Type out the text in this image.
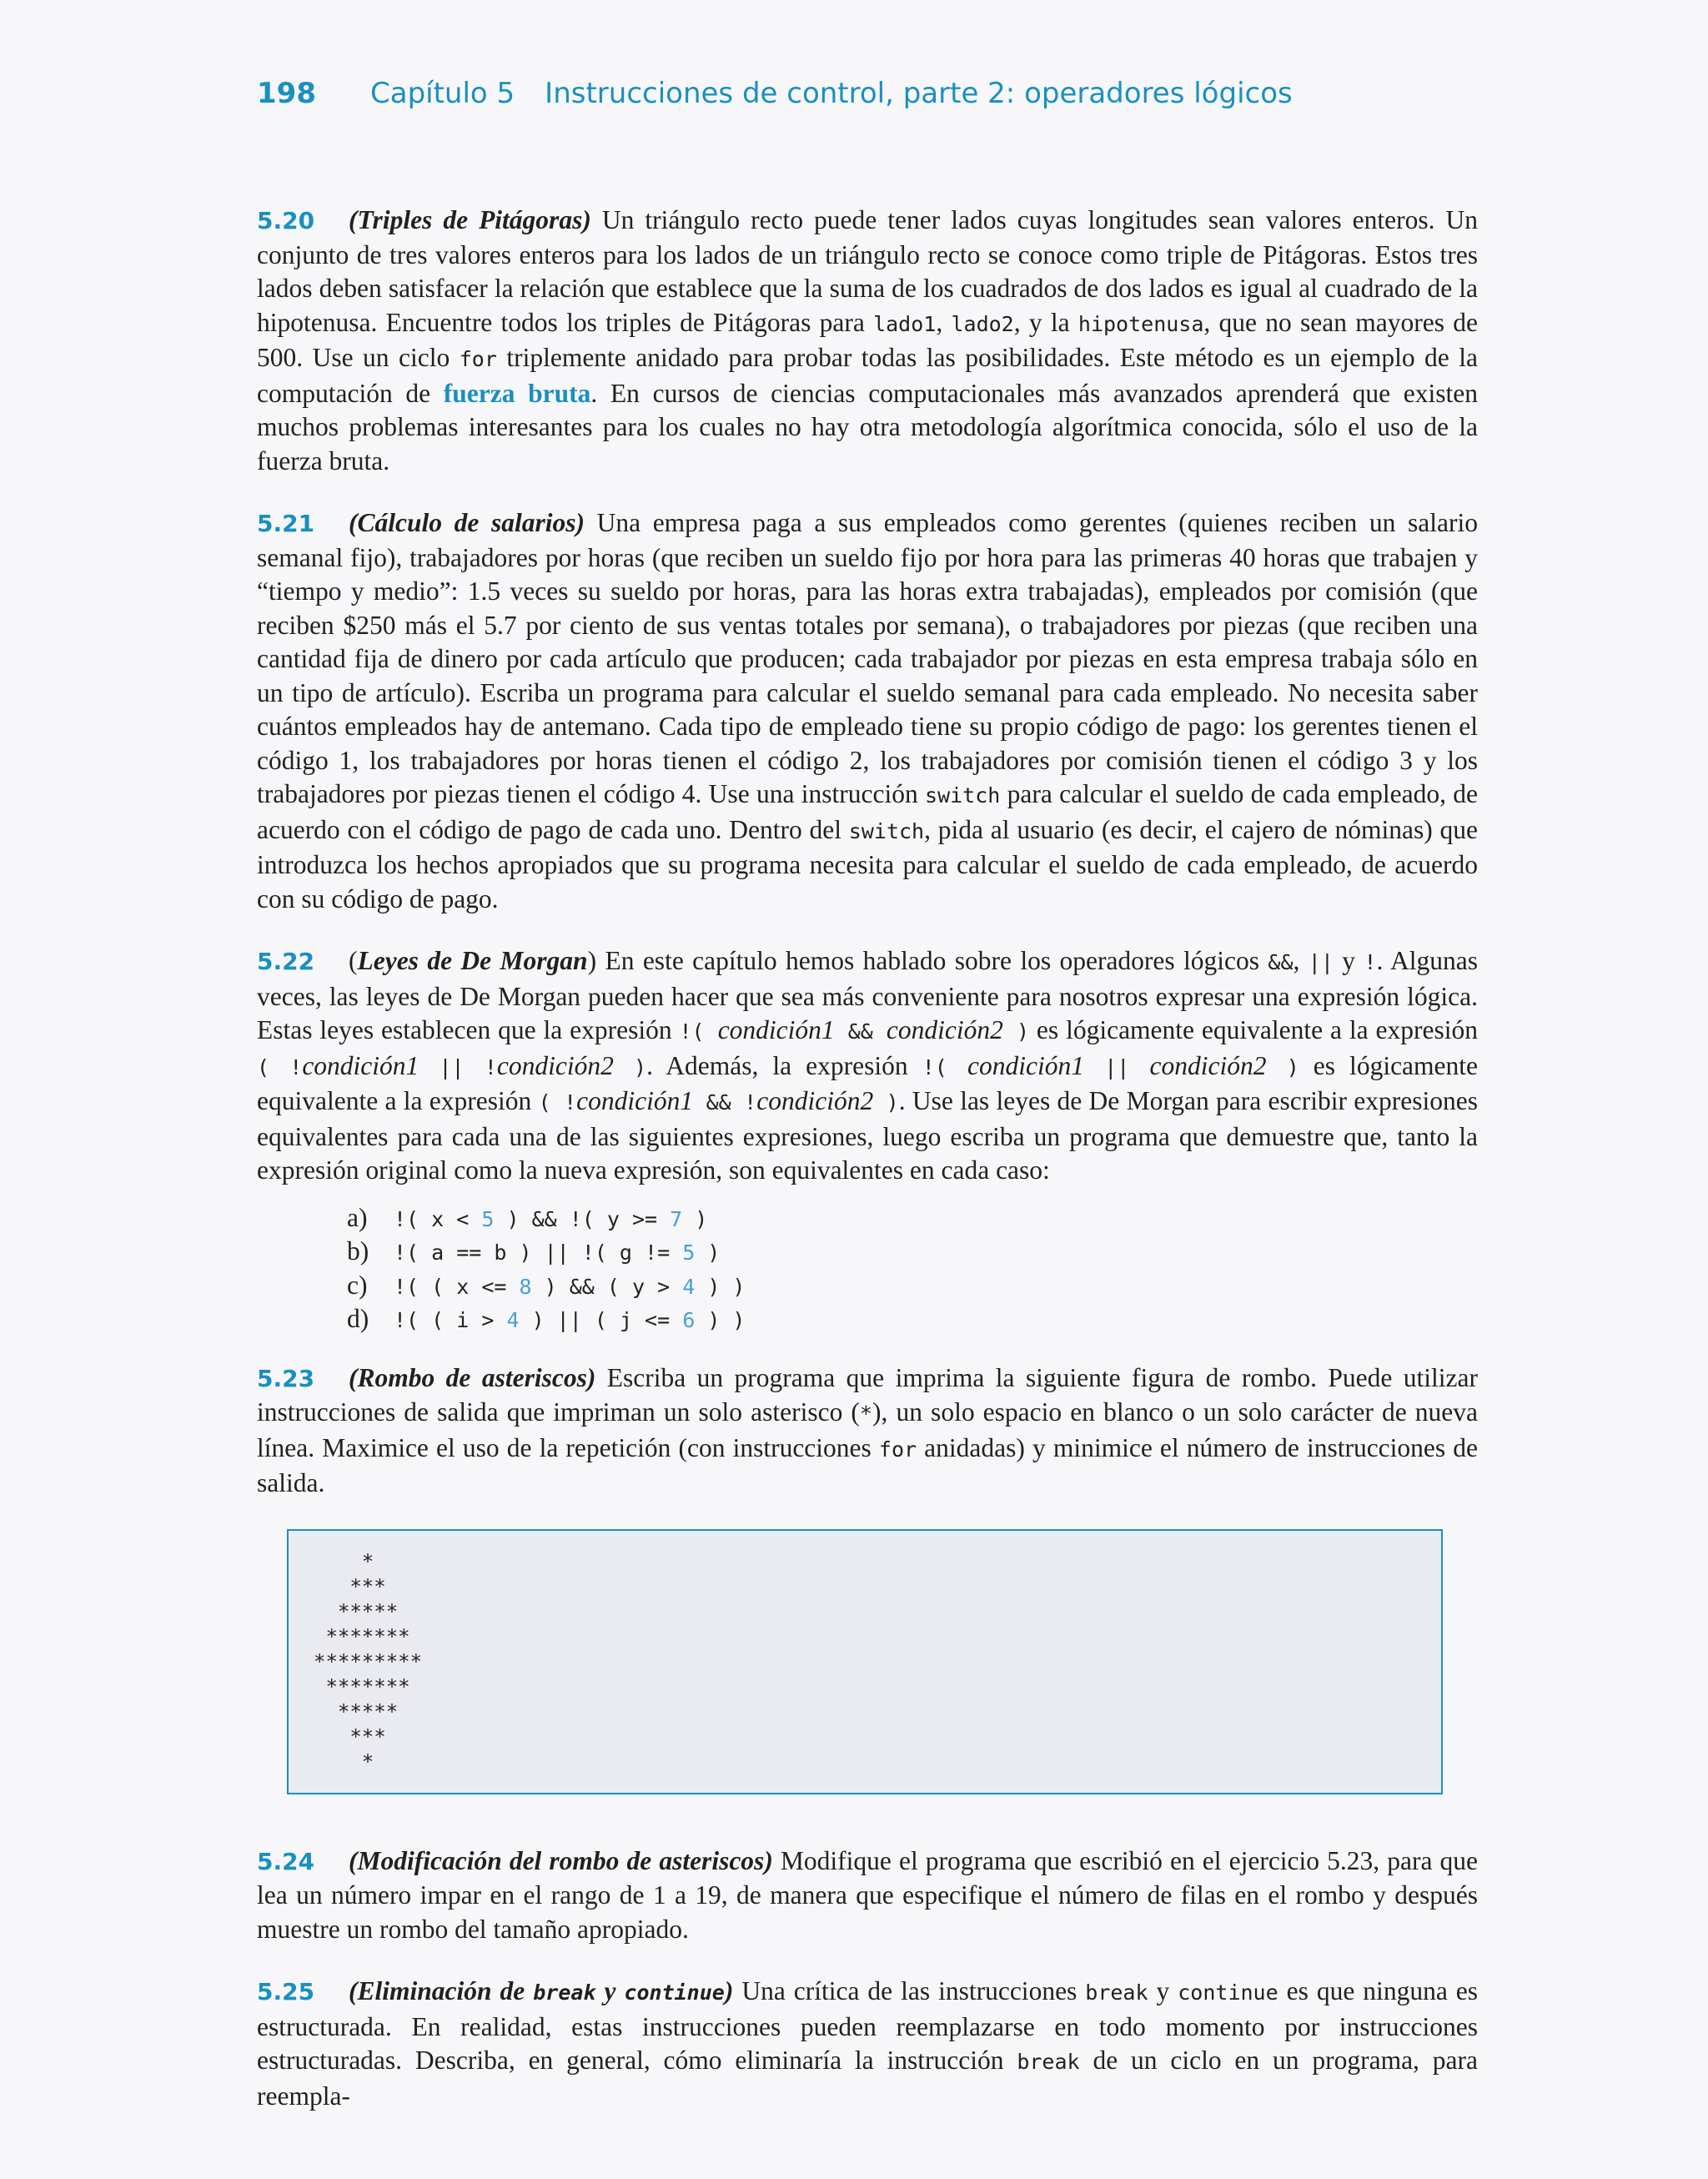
198 Capítulo 5 Instrucciones de control, parte 2: operadores lógicos

5.20 (Triples de Pitágoras) Un triángulo recto puede tener lados cuyas longitudes sean valores enteros. Un conjunto de tres valores enteros para los lados de un triángulo recto se conoce como triple de Pitágoras. Estos tres lados deben satisfacer la relación que establece que la suma de los cuadrados de dos lados es igual al cuadrado de la hipotenusa. Encuentre todos los triples de Pitágoras para lado1, lado2, y la hipotenusa, que no sean mayores de 500. Use un ciclo for triplemente anidado para probar todas las posibilidades. Este método es un ejemplo de la computación de fuerza bruta. En cursos de ciencias computacionales más avanzados aprenderá que existen muchos problemas interesantes para los cuales no hay otra metodología algorítmica conocida, sólo el uso de la fuerza bruta.

5.21 (Cálculo de salarios) Una empresa paga a sus empleados como gerentes (quienes reciben un salario semanal fijo), trabajadores por horas (que reciben un sueldo fijo por hora para las primeras 40 horas que trabajen y “tiempo y medio”: 1.5 veces su sueldo por horas, para las horas extra trabajadas), empleados por comisión (que reciben $250 más el 5.7 por ciento de sus ventas totales por semana), o trabajadores por piezas (que reciben una cantidad fija de dinero por cada artículo que producen; cada trabajador por piezas en esta empresa trabaja sólo en un tipo de artículo). Escriba un programa para calcular el sueldo semanal para cada empleado. No necesita saber cuántos empleados hay de antemano. Cada tipo de empleado tiene su propio código de pago: los gerentes tienen el código 1, los trabajadores por horas tienen el código 2, los trabajadores por comisión tienen el código 3 y los trabajadores por piezas tienen el código 4. Use una instrucción switch para calcular el sueldo de cada empleado, de acuerdo con el código de pago de cada uno. Dentro del switch, pida al usuario (es decir, el cajero de nóminas) que introduzca los hechos apropiados que su programa necesita para calcular el sueldo de cada empleado, de acuerdo con su código de pago.

5.22 (Leyes de De Morgan) En este capítulo hemos hablado sobre los operadores lógicos &&, || y !. Algunas veces, las leyes de De Morgan pueden hacer que sea más conveniente para nosotros expresar una expresión lógica. Estas leyes establecen que la expresión !( condición1 && condición2 ) es lógicamente equivalente a la expresión ( !condición1 || !condición2 ). Además, la expresión !( condición1 || condición2 ) es lógicamente equivalente a la expresión ( !condición1 && !condición2 ). Use las leyes de De Morgan para escribir expresiones equivalentes para cada una de las siguientes expresiones, luego escriba un programa que demuestre que, tanto la expresión original como la nueva expresión, son equivalentes en cada caso:

a) !( x < 5 ) && !( y >= 7 )
b) !( a == b ) || !( g != 5 )
c) !( ( x <= 8 ) && ( y > 4 ) )
d) !( ( i > 4 ) || ( j <= 6 ) )

5.23 (Rombo de asteriscos) Escriba un programa que imprima la siguiente figura de rombo. Puede utilizar instrucciones de salida que impriman un solo asterisco (*), un solo espacio en blanco o un solo carácter de nueva línea. Maximice el uso de la repetición (con instrucciones for anidadas) y minimice el número de instrucciones de salida.

*
***
*****
*******
*********
*******
*****
***
*

5.24 (Modificación del rombo de asteriscos) Modifique el programa que escribió en el ejercicio 5.23, para que lea un número impar en el rango de 1 a 19, de manera que especifique el número de filas en el rombo y después muestre un rombo del tamaño apropiado.

5.25 (Eliminación de break y continue) Una crítica de las instrucciones break y continue es que ninguna es estructurada. En realidad, estas instrucciones pueden reemplazarse en todo momento por instrucciones estructuradas. Describa, en general, cómo eliminaría la instrucción break de un ciclo en un programa, para reempla-
